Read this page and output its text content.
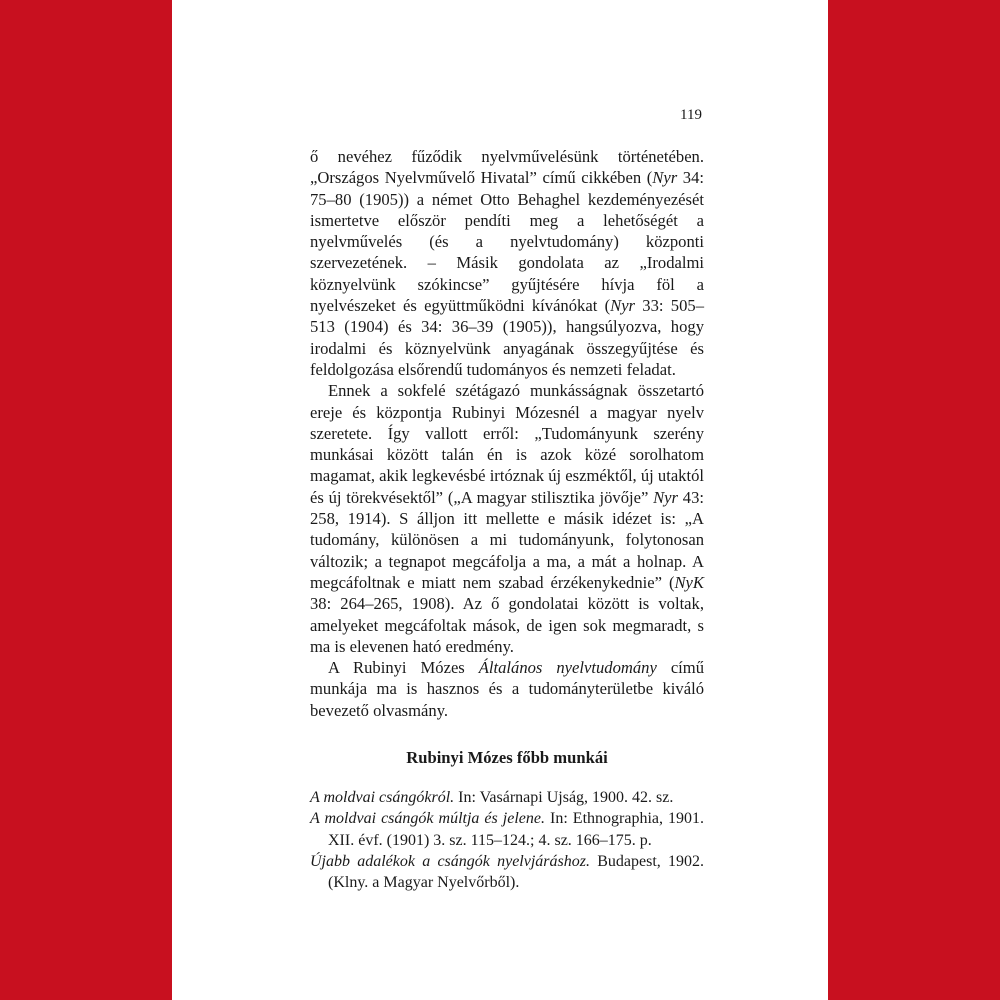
119

ő nevéhez fűződik nyelvművelésünk történetében. „Országos Nyelvművelő Hivatal” című cikkében (Nyr 34: 75–80 (1905)) a német Otto Behaghel kezdeményezését ismertetve először pendíti meg a lehetőségét a nyelvművelés (és a nyelvtudomány) központi szervezetének. – Másik gondolata az „Irodalmi köznyelvünk szókincse” gyűjtésére hívja föl a nyelvészeket és együttműködni kívánókat (Nyr 33: 505–513 (1904) és 34: 36–39 (1905)), hangsúlyozva, hogy irodalmi és köznyelvünk anyagának összegyűjtése és feldolgozása elsőrendű tudományos és nemzeti feladat.

Ennek a sokfelé szétágazó munkásságnak összetartó ereje és központja Rubinyi Mózesnél a magyar nyelv szeretete. Így vallott erről: „Tudományunk szerény munkásai között talán én is azok közé sorolhatom magamat, akik legkevésbé irtóznak új eszméktől, új utaktól és új törekvésektől” („A magyar stilisztika jövője” Nyr 43: 258, 1914). S álljon itt mellette e másik idézet is: „A tudomány, különösen a mi tudományunk, folytonosan változik; a tegnapot megcáfolja a ma, a mát a holnap. A megcáfoltnak e miatt nem szabad érzékenykednie” (NyK 38: 264–265, 1908). Az ő gondolatai között is voltak, amelyeket megcáfoltak mások, de igen sok megmaradt, s ma is elevenen ható eredmény.

A Rubinyi Mózes Általános nyelvtudomány című munkája ma is hasznos és a tudományterületbe kiváló bevezető olvasmány.

Rubinyi Mózes főbb munkái
A moldvai csángókról. In: Vasárnapi Ujság, 1900. 42. sz.
A moldvai csángók múltja és jelene. In: Ethnographia, 1901. XII. évf. (1901) 3. sz. 115–124.; 4. sz. 166–175. p.
Újabb adalékok a csángók nyelvjáráshoz. Budapest, 1902. (Klny. a Magyar Nyelvőrből).
